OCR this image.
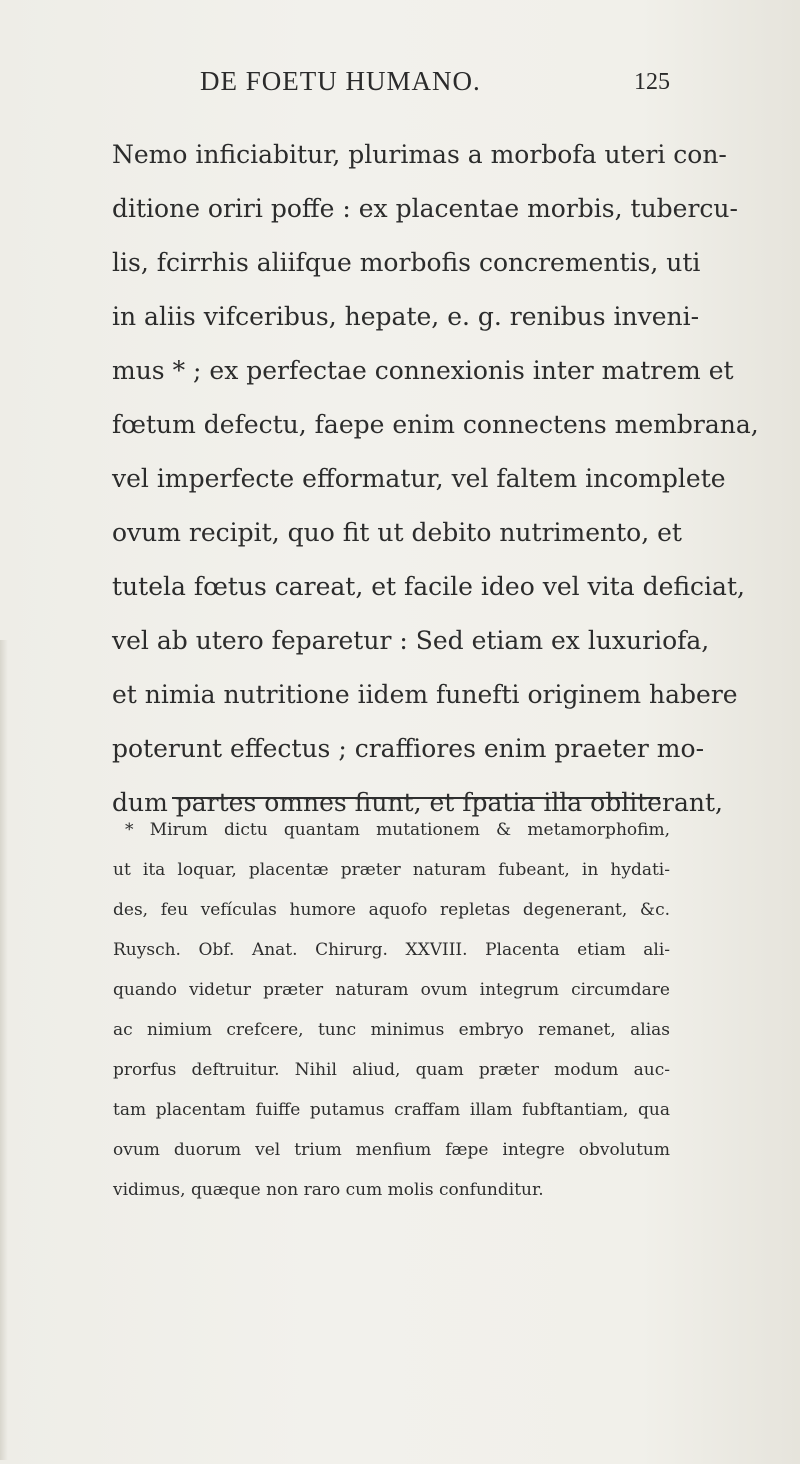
DE FOETU HUMANO.	125
Nemo inficiabitur, plurimas a morbofa uteri con-
ditione oriri poffe : ex placentae morbis, tubercu-
lis, fcirrhis aliifque morbofis concrementis, uti
in aliis vifceribus, hepate, e. g. renibus inveni-
mus * ; ex perfectae connexionis inter matrem et
fœtum defectu, faepe enim connectens membrana,
vel imperfecte efformatur, vel faltem incomplete
ovum recipit, quo fit ut debito nutrimento, et
tutela fœtus careat, et facile ideo vel vita deficiat,
vel ab utero feparetur : Sed etiam ex luxuriofa,
et nimia nutritione iidem funefti originem habere
poterunt effectus ; craffiores enim praeter mo-
dum partes omnes fiunt, et fpatia illa obliterant,
* Mirum dictu quantam mutationem & metamorphofim,
ut ita loquar, placentæ præter naturam fubeant, in hydati-
des, feu vefículas humore aquofo repletas degenerant, &c.
Ruysch. Obf. Anat. Chirurg. XXVIII. Placenta etiam ali-
quando videtur præter naturam ovum integrum circumdare
ac nimium crefcere, tunc minimus embryo remanet, alias
prorfus deftruitur. Nihil aliud, quam præter modum auc-
tam placentam fuiffe putamus craffam illam fubftantiam, qua
ovum duorum vel trium menfium fæpe integre obvolutum
vidimus, quæque non raro cum molis confunditur.
